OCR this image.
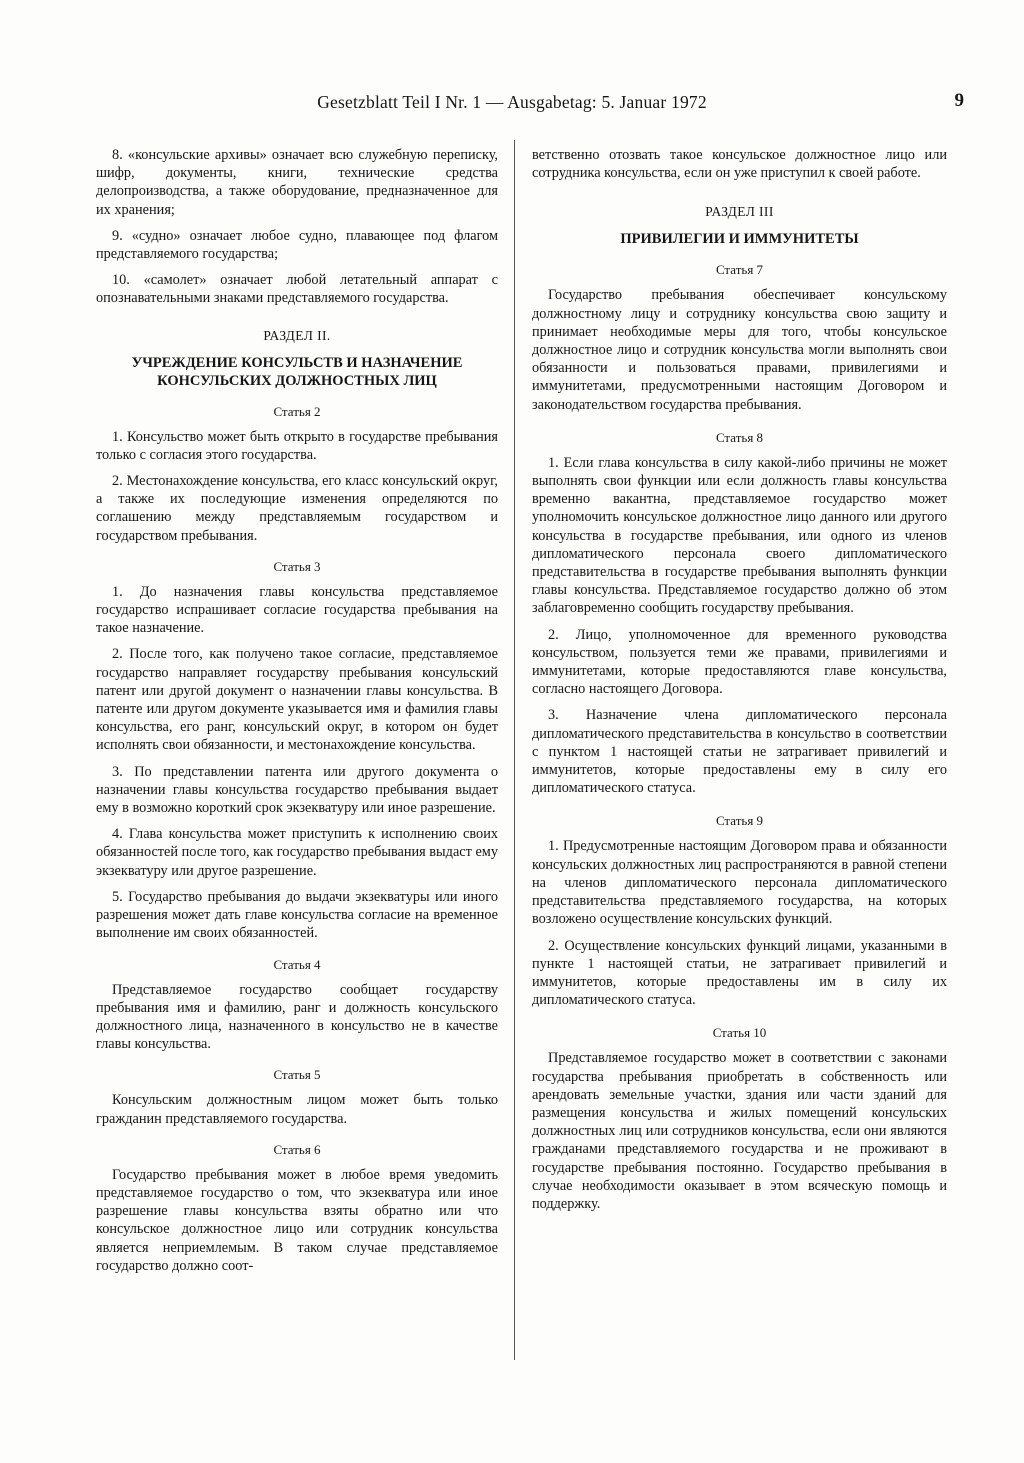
Gesetzblatt Teil I Nr. 1 — Ausgabetag: 5. Januar 1972	9

8. «консульские архивы» означает всю служебную переписку, шифр, документы, книги, технические средства делопроизводства, а также оборудование, предназначенное для их хранения;

9. «судно» означает любое судно, плавающее под флагом представляемого государства;

10. «самолет» означает любой летательный аппарат с опознавательными знаками представляемого государства.

РАЗДЕЛ II.
УЧРЕЖДЕНИЕ КОНСУЛЬСТВ И НАЗНАЧЕНИЕ КОНСУЛЬСКИХ ДОЛЖНОСТНЫХ ЛИЦ
Статья 2

1. Консульство может быть открыто в государстве пребывания только с согласия этого государства.

2. Местонахождение консульства, его класс консульский округ, а также их последующие изменения определяются по соглашению между представляемым государством и государством пребывания.

Статья 3

1. До назначения главы консульства представляемое государство испрашивает согласие государства пребывания на такое назначение.

2. После того, как получено такое согласие, представляемое государство направляет государству пребывания консульский патент или другой документ о назначении главы консульства. В патенте или другом документе указывается имя и фамилия главы консульства, его ранг, консульский округ, в котором он будет исполнять свои обязанности, и местонахождение консульства.

3. По представлении патента или другого документа о назначении главы консульства государство пребывания выдает ему в возможно короткий срок экзекватуру или иное разрешение.

4. Глава консульства может приступить к исполнению своих обязанностей после того, как государство пребывания выдаст ему экзекватуру или другое разрешение.

5. Государство пребывания до выдачи экзекватуры или иного разрешения может дать главе консульства согласие на временное выполнение им своих обязанностей.

Статья 4

Представляемое государство сообщает государству пребывания имя и фамилию, ранг и должность консульского должностного лица, назначенного в консульство не в качестве главы консульства.

Статья 5

Консульским должностным лицом может быть только гражданин представляемого государства.

Статья 6

Государство пребывания может в любое время уведомить представляемое государство о том, что экзекватура или иное разрешение главы консульства взяты обратно или что консульское должностное лицо или сотрудник консульства является неприемлемым. В таком случае представляемое государство должно соот-

ветственно отозвать такое консульское должностное лицо или сотрудника консульства, если он уже приступил к своей работе.

РАЗДЕЛ III
ПРИВИЛЕГИИ И ИММУНИТЕТЫ
Статья 7

Государство пребывания обеспечивает консульскому должностному лицу и сотруднику консульства свою защиту и принимает необходимые меры для того, чтобы консульское должностное лицо и сотрудник консульства могли выполнять свои обязанности и пользоваться правами, привилегиями и иммунитетами, предусмотренными настоящим Договором и законодательством государства пребывания.

Статья 8

1. Если глава консульства в силу какой-либо причины не может выполнять свои функции или если должность главы консульства временно вакантна, представляемое государство может уполномочить консульское должностное лицо данного или другого консульства в государстве пребывания, или одного из членов дипломатического персонала своего дипломатического представительства в государстве пребывания выполнять функции главы консульства. Представляемое государство должно об этом заблаговременно сообщить государству пребывания.

2. Лицо, уполномоченное для временного руководства консульством, пользуется теми же правами, привилегиями и иммунитетами, которые предоставляются главе консульства, согласно настоящего Договора.

3. Назначение члена дипломатического персонала дипломатического представительства в консульство в соответствии с пунктом 1 настоящей статьи не затрагивает привилегий и иммунитетов, которые предоставлены ему в силу его дипломатического статуса.

Статья 9

1. Предусмотренные настоящим Договором права и обязанности консульских должностных лиц распространяются в равной степени на членов дипломатического персонала дипломатического представительства представляемого государства, на которых возложено осуществление консульских функций.

2. Осуществление консульских функций лицами, указанными в пункте 1 настоящей статьи, не затрагивает привилегий и иммунитетов, которые предоставлены им в силу их дипломатического статуса.

Статья 10

Представляемое государство может в соответствии с законами государства пребывания приобретать в собственность или арендовать земельные участки, здания или части зданий для размещения консульства и жилых помещений консульских должностных лиц или сотрудников консульства, если они являются гражданами представляемого государства и не проживают в государстве пребывания постоянно. Государство пребывания в случае необходимости оказывает в этом всяческую помощь и поддержку.
